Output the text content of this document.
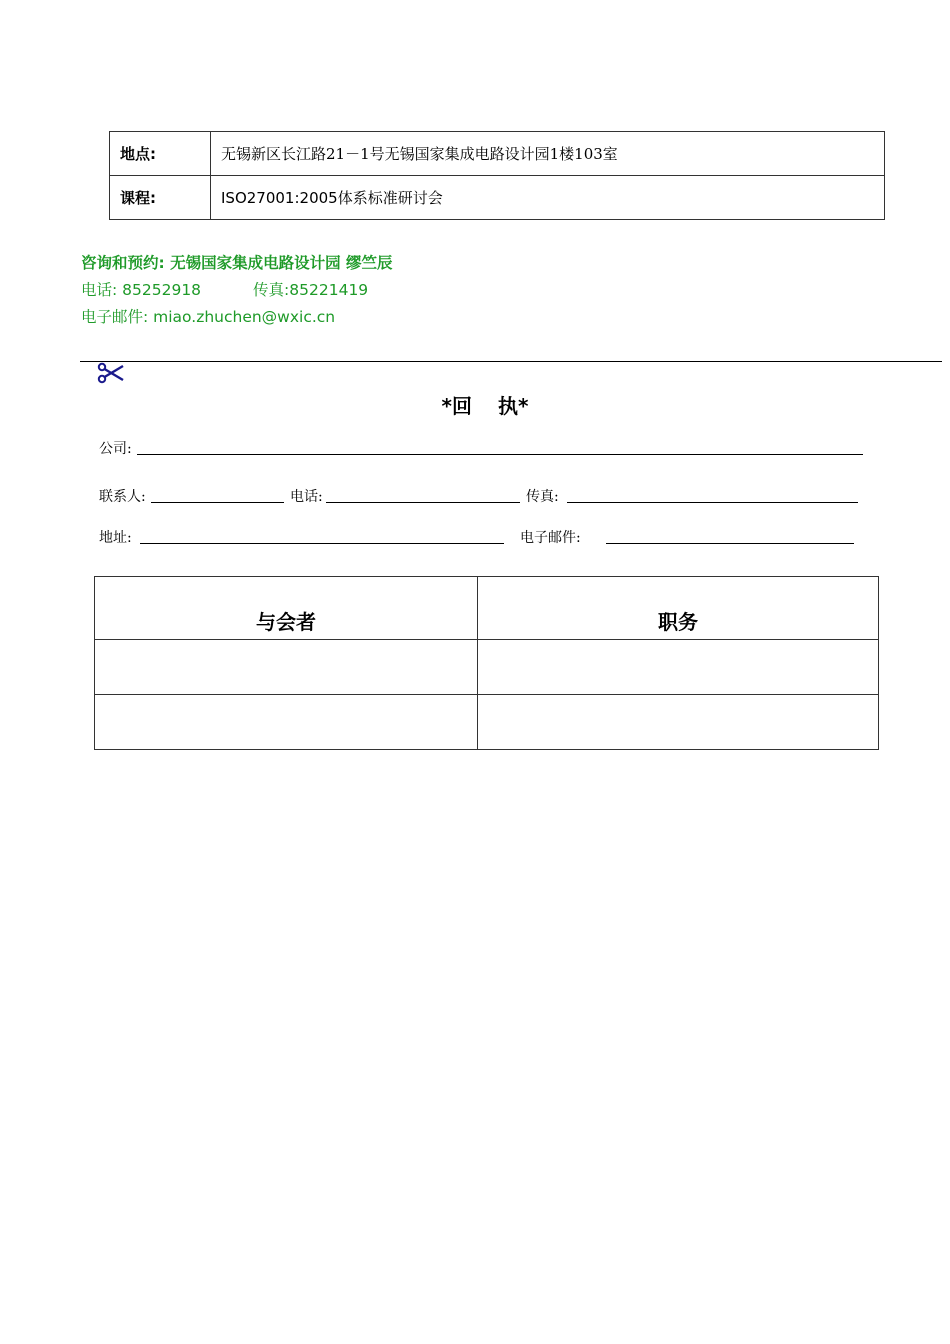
地点:	无锡新区长江路21－1号无锡国家集成电路设计园1楼103室
课程:	ISO27001:2005体系标准研讨会
咨询和预约: 无锡国家集成电路设计园 缪竺辰
电话: 85252918	传真:85221419
电子邮件: miao.zhuchen@wxic.cn
*回 执*
公司:
联系人:	电话:	传真:
地址:	电子邮件:
与会者	职务
